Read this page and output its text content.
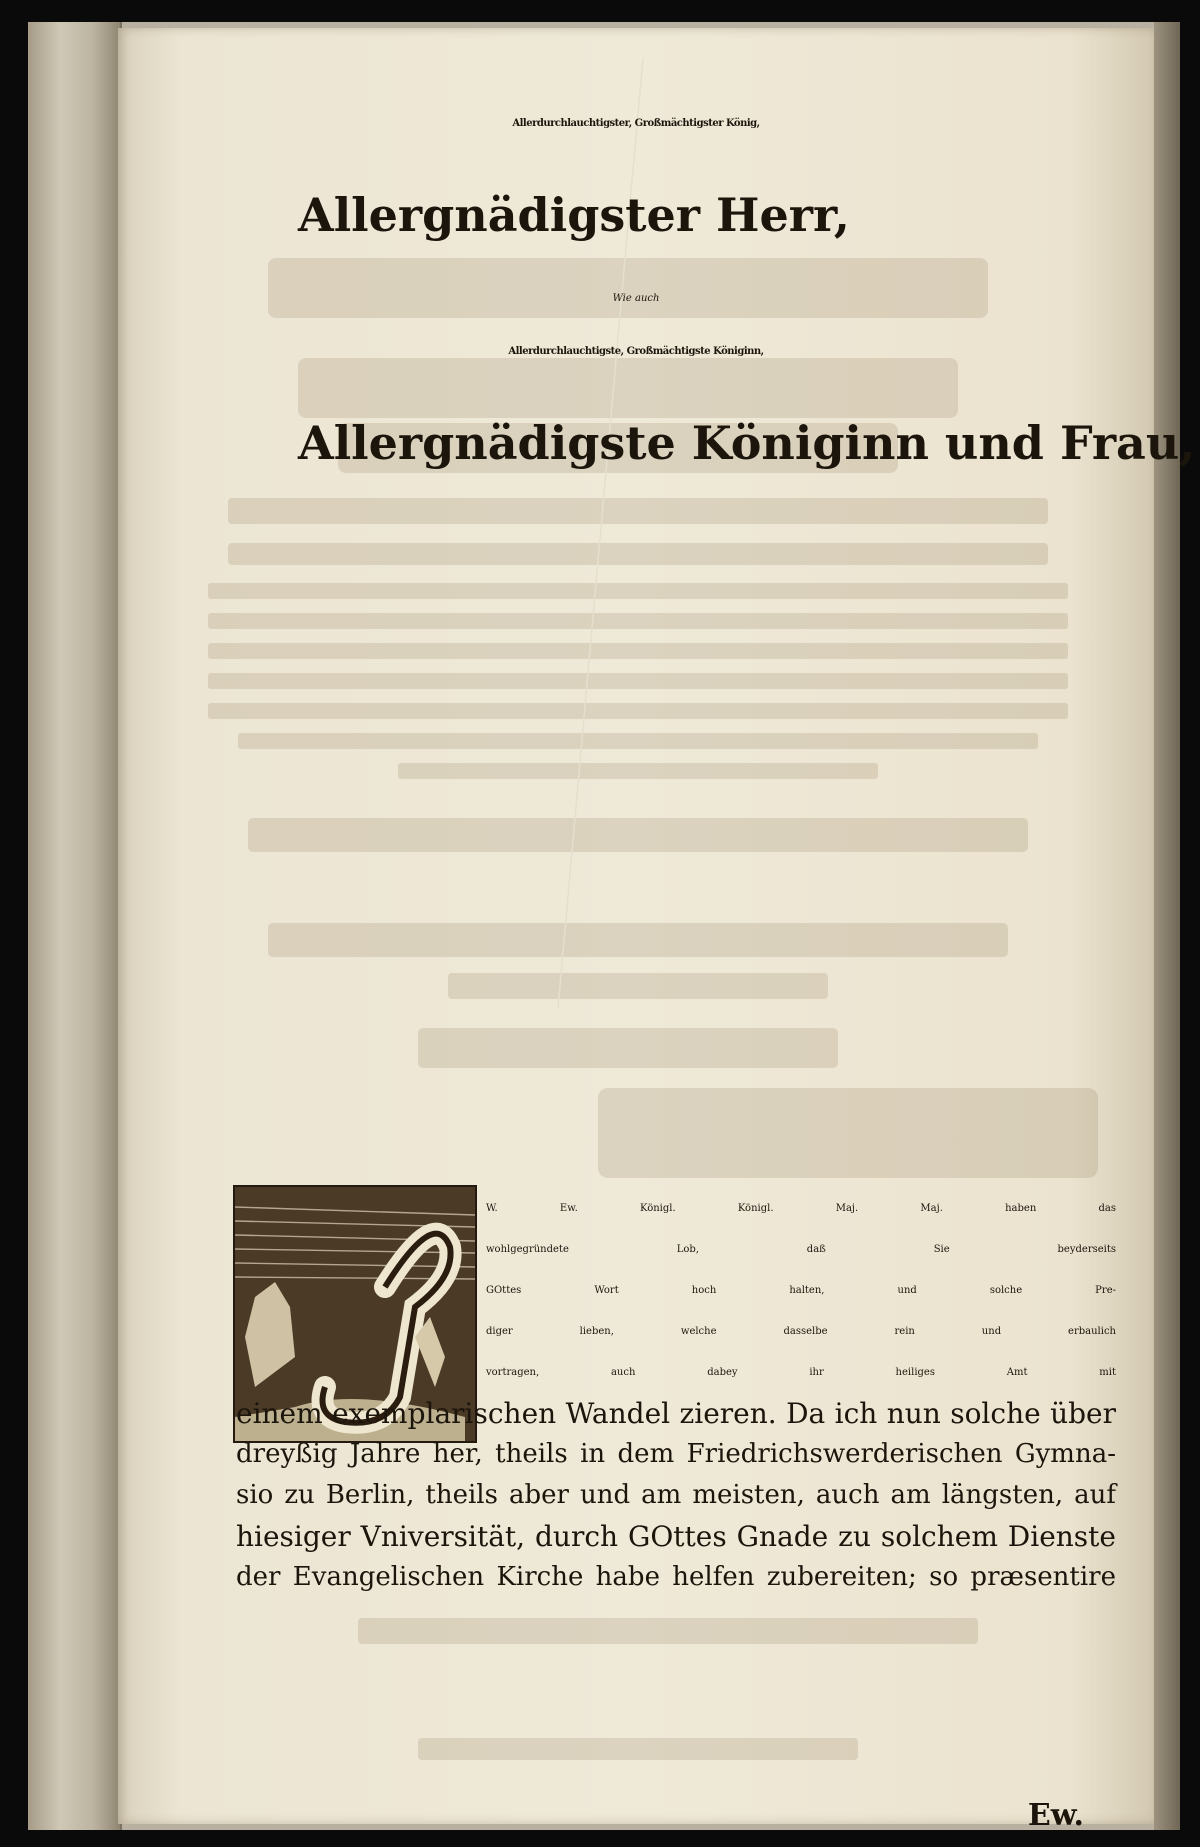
Allerdurchlauchtigster, Großmächtigster König,
Allergnädigster Herr,
Wie auch
Allerdurchlauchtigste, Großmächtigste Königinn,
Allergnädigste Königinn und Frau,
W. Ew. Königl. Königl. Maj. Maj. haben das
wohlgegründete Lob, daß Sie beyderseits
GOttes Wort hoch halten, und solche Pre-
diger lieben, welche dasselbe rein und erbaulich
vortragen, auch dabey ihr heiliges Amt mit
einem exemplarischen Wandel zieren. Da ich nun solche über
dreyßig Jahre her, theils in dem Friedrichswerderischen Gymna-
sio zu Berlin, theils aber und am meisten, auch am längsten, auf
hiesiger Vniversität, durch GOttes Gnade zu solchem Dienste
der Evangelischen Kirche habe helfen zubereiten; so præsentire
Ew.
